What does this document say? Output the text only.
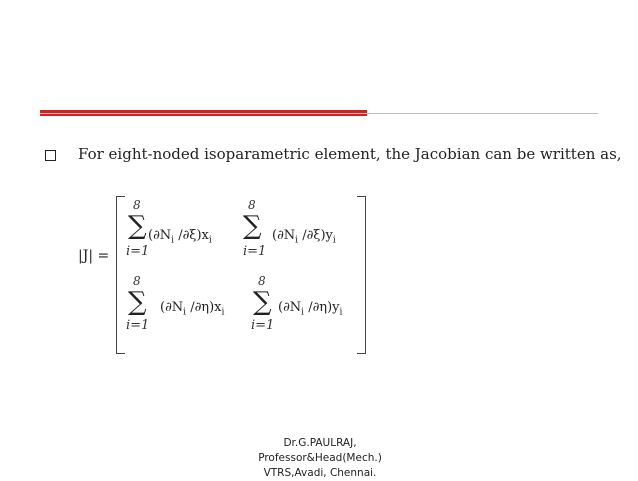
For eight-noded isoparametric element, the Jacobian can be written as,
|J| =
8
∑
i=1
($\partial N_i$ $/\partial\xi)x_i$
8
∑
i=1
($\partial N_i$ $/\partial\xi)y_i$
8
∑
i=1
($\partial N_i$ $/\partial\eta)x_i$
8
∑
i=1
($\partial N_i$ $/\partial\eta)y_i$
Dr.G.PAULRAJ,
Professor&Head(Mech.)
VTRS,Avadi, Chennai.
